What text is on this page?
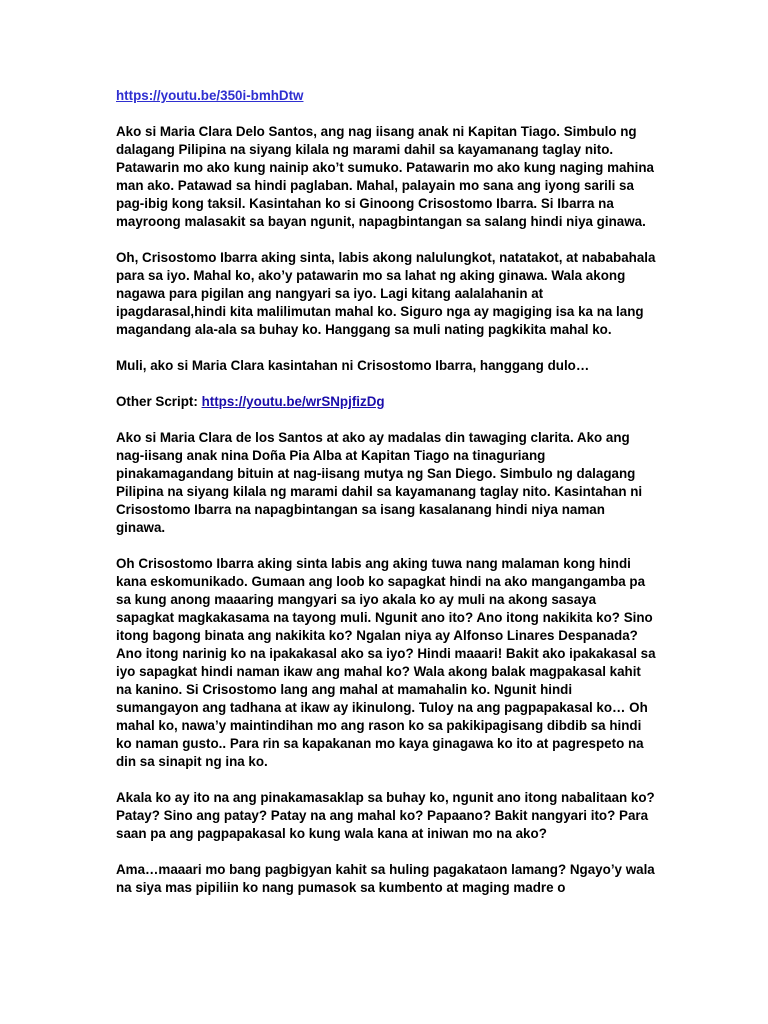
https://youtu.be/350i-bmhDtw

Ako si Maria Clara Delo Santos, ang nag iisang anak ni Kapitan Tiago. Simbulo ng dalagang Pilipina na siyang kilala ng marami dahil sa kayamanang taglay nito. Patawarin mo ako kung nainip ako’t sumuko. Patawarin mo ako kung naging mahina man ako. Patawad sa hindi paglaban. Mahal, palayain mo sana ang iyong sarili sa pag-ibig kong taksil. Kasintahan ko si Ginoong Crisostomo Ibarra. Si Ibarra na mayroong malasakit sa bayan ngunit, napagbintangan sa salang hindi niya ginawa.

Oh, Crisostomo Ibarra aking sinta, labis akong nalulungkot, natatakot, at nababahala para sa iyo. Mahal ko, ako’y patawarin mo sa lahat ng aking ginawa. Wala akong nagawa para pigilan ang nangyari sa iyo. Lagi kitang aalalahanin at ipagdarasal,hindi kita malilimutan mahal ko. Siguro nga ay magiging isa ka na lang magandang ala-ala sa buhay ko. Hanggang sa muli nating pagkikita mahal ko.

Muli, ako si Maria Clara kasintahan ni Crisostomo Ibarra, hanggang dulo…

Other Script: https://youtu.be/wrSNpjfizDg

Ako si Maria Clara de los Santos at ako ay madalas din tawaging clarita. Ako ang nag-iisang anak nina Doña Pia Alba at Kapitan Tiago na tinaguriang pinakamagandang bituin at nag-iisang mutya ng San Diego. Simbulo ng dalagang Pilipina na siyang kilala ng marami dahil sa kayamanang taglay nito. Kasintahan ni Crisostomo Ibarra na napagbintangan sa isang kasalanang hindi niya naman ginawa.

Oh Crisostomo Ibarra aking sinta labis ang aking tuwa nang malaman kong hindi kana eskomunikado. Gumaan ang loob ko sapagkat hindi na ako mangangamba pa sa kung anong maaaring mangyari sa iyo akala ko ay muli na akong sasaya sapagkat magkakasama na tayong muli. Ngunit ano ito? Ano itong nakikita ko? Sino itong bagong binata ang nakikita ko? Ngalan niya ay Alfonso Linares Despanada? Ano itong narinig ko na ipakakasal ako sa iyo? Hindi maaari! Bakit ako ipakakasal sa iyo sapagkat hindi naman ikaw ang mahal ko? Wala akong balak magpakasal kahit na kanino. Si Crisostomo lang ang mahal at mamahalin ko. Ngunit hindi sumangayon ang tadhana at ikaw ay ikinulong. Tuloy na ang pagpapakasal ko… Oh mahal ko, nawa’y maintindihan mo ang rason ko sa pakikipagisang dibdib sa hindi ko naman gusto.. Para rin sa kapakanan mo kaya ginagawa ko ito at pagrespeto na din sa sinapit ng ina ko.

Akala ko ay ito na ang pinakamasaklap sa buhay ko, ngunit ano itong nabalitaan ko? Patay? Sino ang patay? Patay na ang mahal ko? Papaano? Bakit nangyari ito? Para saan pa ang pagpapakasal ko kung wala kana at iniwan mo na ako?

Ama…maaari mo bang pagbigyan kahit sa huling pagakataon lamang? Ngayo’y wala na siya mas pipiliin ko nang pumasok sa kumbento at maging madre o
